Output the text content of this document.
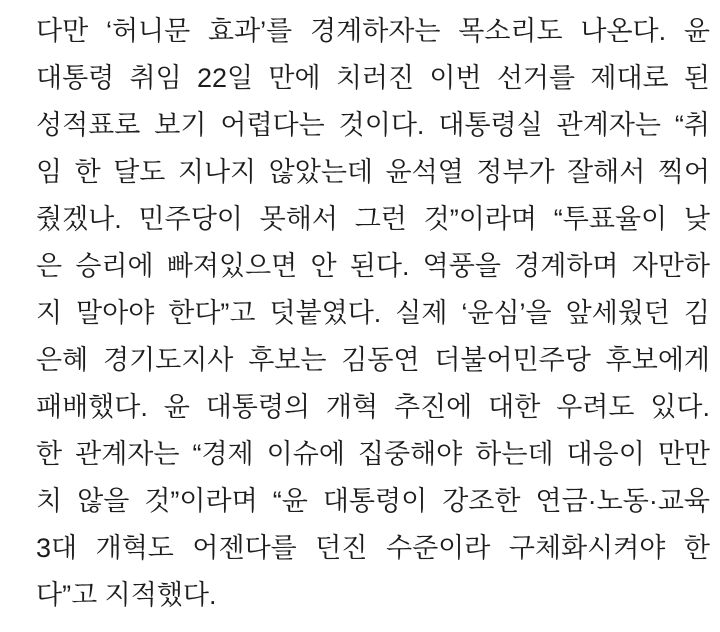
다만 ‘허니문 효과’를 경계하자는 목소리도 나온다. 윤
대통령 취임 22일 만에 치러진 이번 선거를 제대로 된
성적표로 보기 어렵다는 것이다. 대통령실 관계자는 “취
임 한 달도 지나지 않았는데 윤석열 정부가 잘해서 찍어
줬겠나. 민주당이 못해서 그런 것”이라며 “투표율이 낮
은 승리에 빠져있으면 안 된다. 역풍을 경계하며 자만하
지 말아야 한다”고 덧붙였다. 실제 ‘윤심’을 앞세웠던 김
은혜 경기도지사 후보는 김동연 더불어민주당 후보에게
패배했다. 윤 대통령의 개혁 추진에 대한 우려도 있다.
한 관계자는 “경제 이슈에 집중해야 하는데 대응이 만만
치 않을 것”이라며 “윤 대통령이 강조한 연금·노동·교육
3대 개혁도 어젠다를 던진 수준이라 구체화시켜야 한
다”고 지적했다.
